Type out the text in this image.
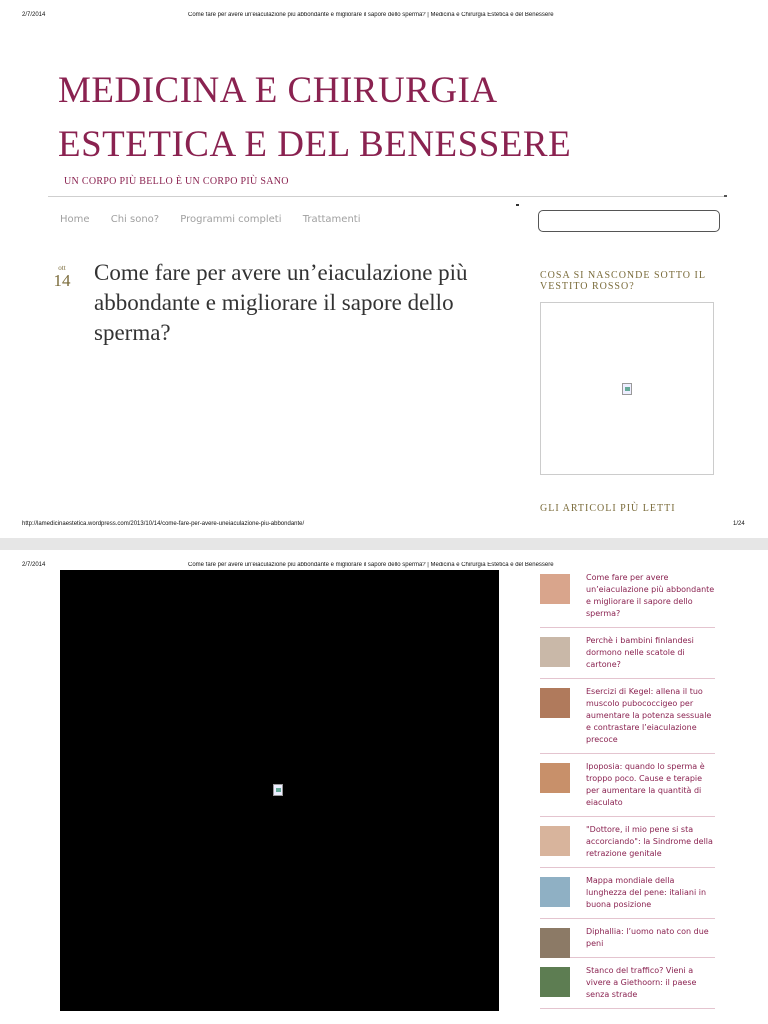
2/7/2014	Come fare per avere un'eiaculazione più abbondante e migliorare il sapore dello sperma? | Medicina e Chirurgia Estetica e del Benessere
MEDICINA E CHIRURGIA
ESTETICA E DEL BENESSERE
UN CORPO PIÙ BELLO È UN CORPO PIÙ SANO
Home Chi sono? Programmi completi Trattamenti
ott
14 Come fare per avere un’eiaculazione più abbondante e migliorare il sapore dello sperma?
COSA SI NASCONDE SOTTO IL VESTITO ROSSO?
GLI ARTICOLI PIÙ LETTI
http://lamedicinaestetica.wordpress.com/2013/10/14/come-fare-per-avere-uneiaculazione-piu-abbondante/	1/24
2/7/2014	Come fare per avere un'eiaculazione più abbondante e migliorare il sapore dello sperma? | Medicina e Chirurgia Estetica e del Benessere
Come fare per avere un’eiaculazione più abbondante e migliorare il sapore dello sperma?
Perchè i bambini finlandesi dormono nelle scatole di cartone?
Esercizi di Kegel: allena il tuo muscolo pubococcigeo per aumentare la potenza sessuale e contrastare l’eiaculazione precoce
Ipoposia: quando lo sperma è troppo poco. Cause e terapie per aumentare la quantità di eiaculato
"Dottore, il mio pene si sta accorciando": la Sindrome della retrazione genitale
Mappa mondiale della lunghezza del pene: italiani in buona posizione
Diphallia: l’uomo nato con due peni
Stanco del traffico? Vieni a vivere a Giethoorn: il paese senza strade
